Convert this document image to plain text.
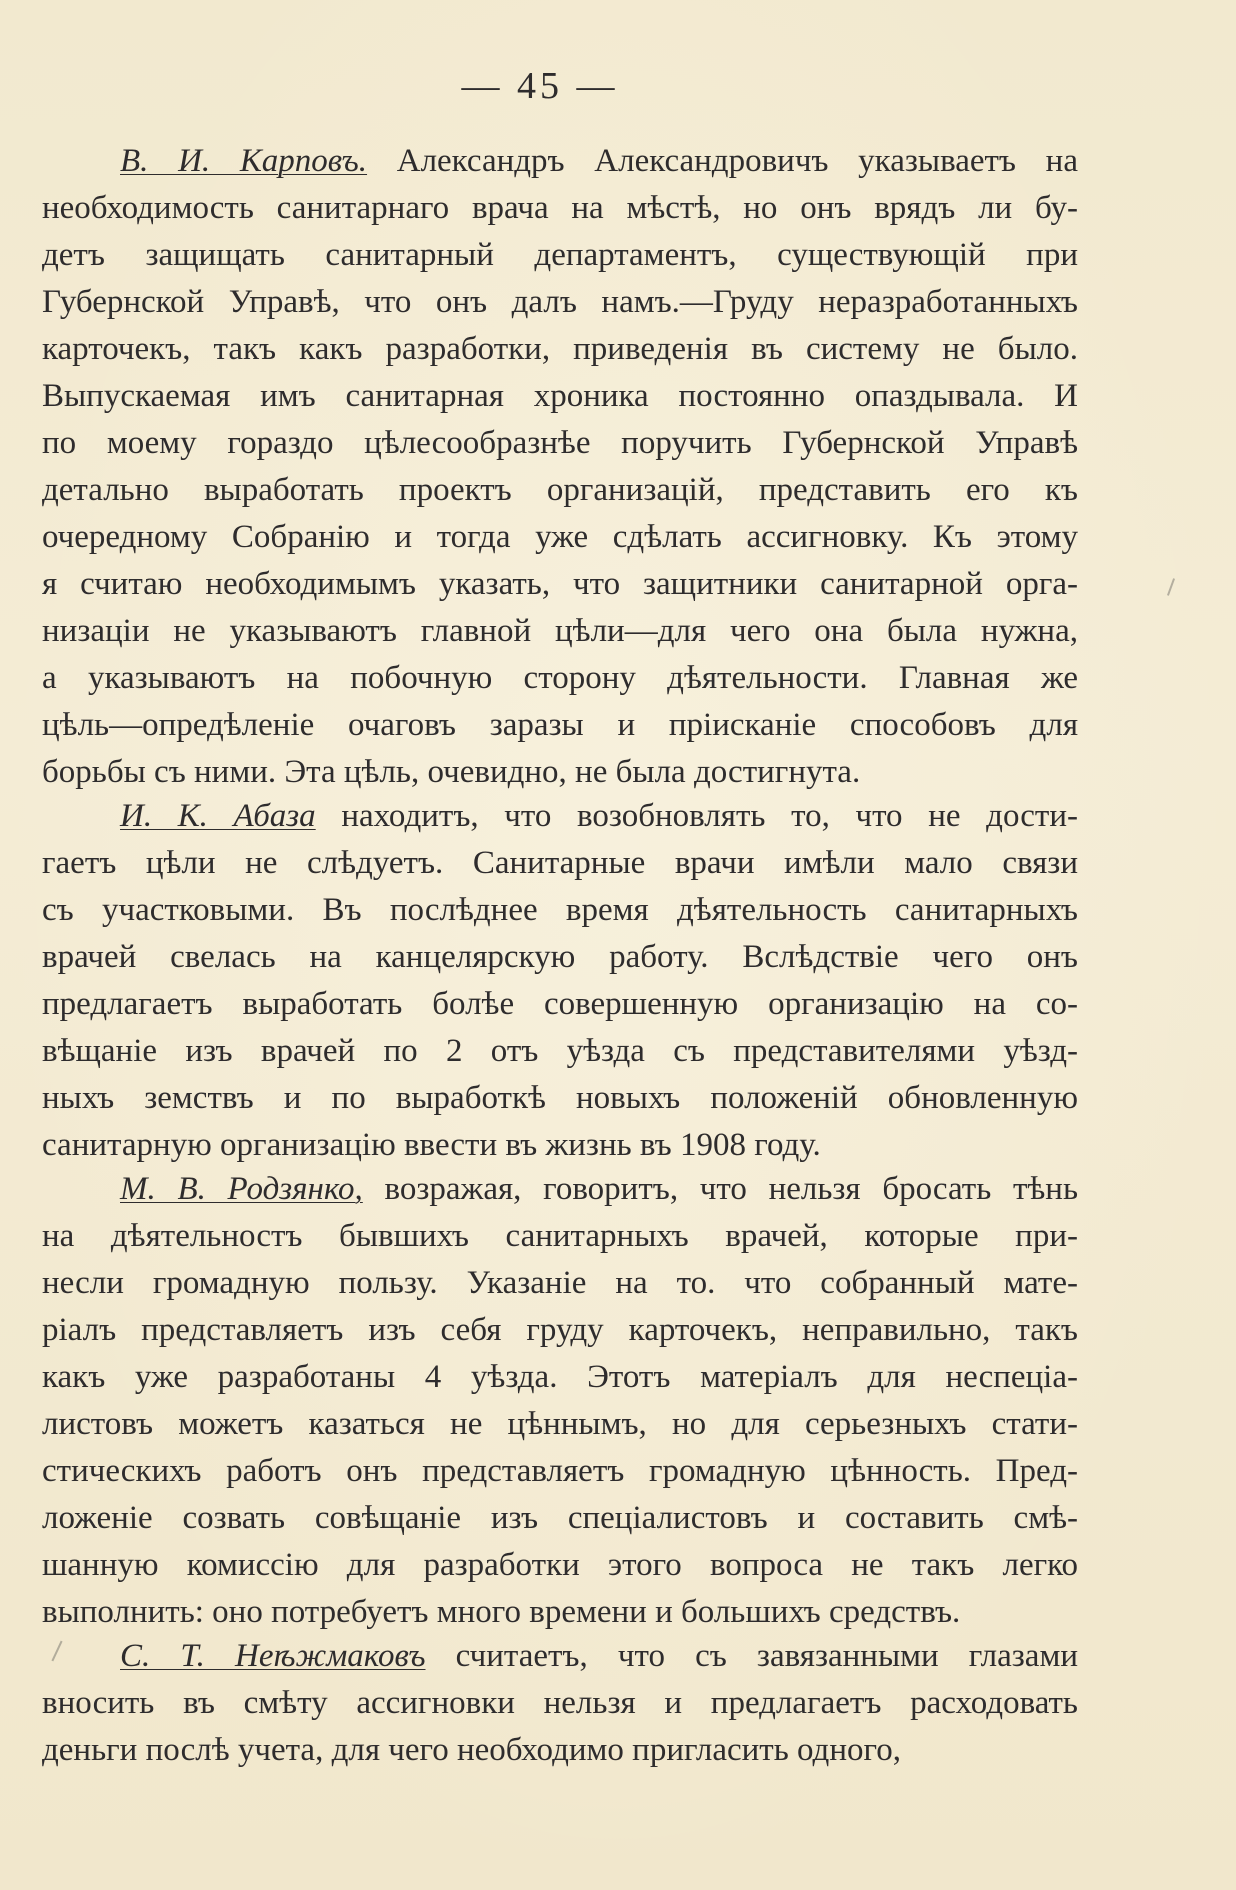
— 45 —
В. И. Карповъ. Александръ Александровичъ указываетъ на
необходимость санитарнаго врача на мѣстѣ, но онъ врядъ ли бу-
детъ защищать санитарный департаментъ, существующій при
Губернской Управѣ, что онъ далъ намъ.—Груду неразработанныхъ
карточекъ, такъ какъ разработки, приведенія въ систему не было.
Выпускаемая имъ санитарная хроника постоянно опаздывала. И
по моему гораздо цѣлесообразнѣе поручить Губернской Управѣ
детально выработать проектъ организацій, представить его къ
очередному Собранію и тогда уже сдѣлать ассигновку. Къ этому
я считаю необходимымъ указать, что защитники санитарной орга-
низаціи не указываютъ главной цѣли—для чего она была нужна,
а указываютъ на побочную сторону дѣятельности. Главная же
цѣль—опредѣленіе очаговъ заразы и пріисканіе способовъ для
борьбы съ ними. Эта цѣль, очевидно, не была достигнута.
И. К. Абаза находитъ, что возобновлять то, что не дости-
гаетъ цѣли не слѣдуетъ. Санитарные врачи имѣли мало связи
съ участковыми. Въ послѣднее время дѣятельность санитарныхъ
врачей свелась на канцелярскую работу. Вслѣдствіе чего онъ
предлагаетъ выработать болѣе совершенную организацію на со-
вѣщаніе изъ врачей по 2 отъ уѣзда съ представителями уѣзд-
ныхъ земствъ и по выработкѣ новыхъ положеній обновленную
санитарную организацію ввести въ жизнь въ 1908 году.
М. В. Родзянко, возражая, говоритъ, что нельзя бросать тѣнь
на дѣятельностъ бывшихъ санитарныхъ врачей, которые при-
несли громадную пользу. Указаніе на то. что собранный мате-
ріалъ представляетъ изъ себя груду карточекъ, неправильно, такъ
какъ уже разработаны 4 уѣзда. Этотъ матеріалъ для неспеціа-
листовъ можетъ казаться не цѣннымъ, но для серьезныхъ стати-
стическихъ работъ онъ представляетъ громадную цѣнность. Пред-
ложеніе созвать совѣщаніе изъ спеціалистовъ и составить смѣ-
шанную комиссію для разработки этого вопроса не такъ легко
выполнить: оно потребуетъ много времени и большихъ средствъ.
С. Т. Неѣжмаковъ считаетъ, что съ завязанными глазами
вносить въ смѣту ассигновки нельзя и предлагаетъ расходовать
деньги послѣ учета, для чего необходимо пригласить одного,
